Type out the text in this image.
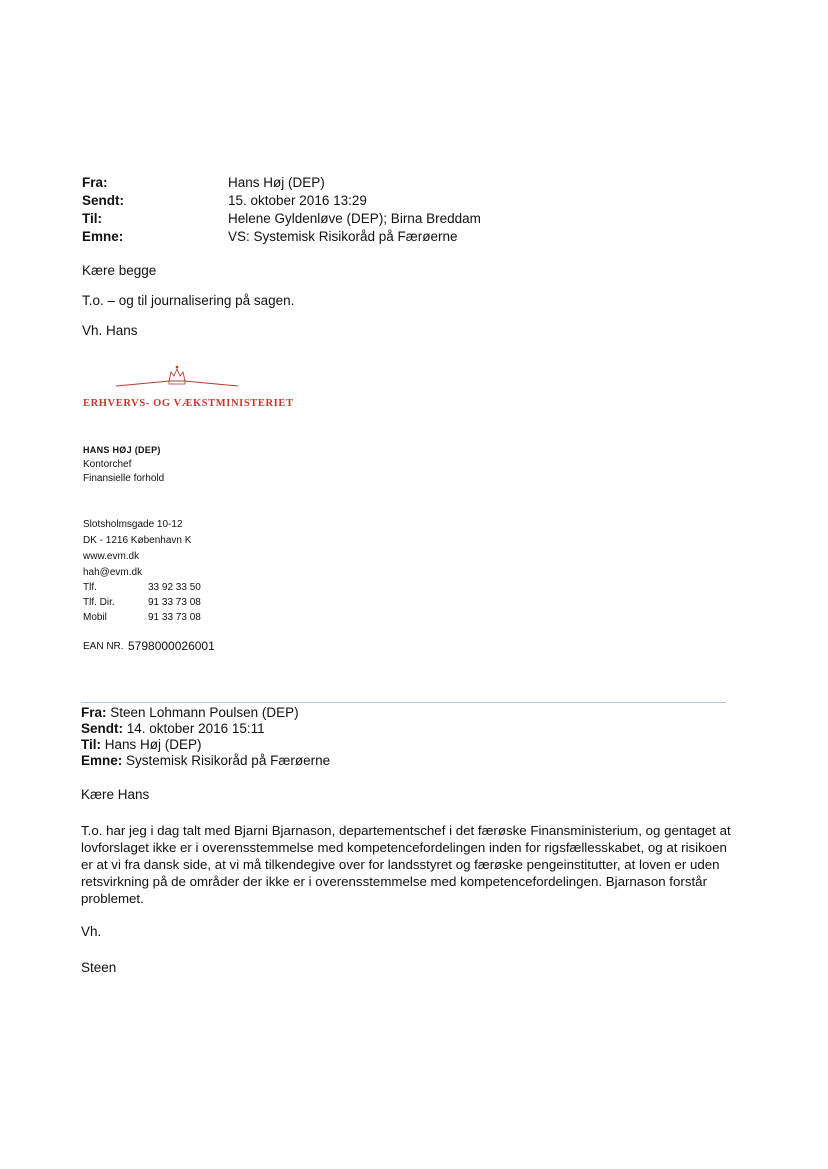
Fra:	Hans Høj (DEP)
Sendt:	15. oktober 2016 13:29
Til:	Helene Gyldenløve (DEP); Birna Breddam
Emne:	VS: Systemisk Risikoråd på Færøerne
Kære begge
T.o. – og til journalisering på sagen.
Vh. Hans
ERHVERVS- OG VÆKSTMINISTERIET
HANS HØJ (DEP)
Kontorchef
Finansielle forhold
Slotsholmsgade 10-12
DK - 1216 København K
www.evm.dk
hah@evm.dk
Tlf.	33 92 33 50
Tlf. Dir.	91 33 73 08
Mobil	91 33 73 08
EAN NR. 5798000026001
Fra: Steen Lohmann Poulsen (DEP)
Sendt: 14. oktober 2016 15:11
Til: Hans Høj (DEP)
Emne: Systemisk Risikoråd på Færøerne
Kære Hans
T.o. har jeg i dag talt med Bjarni Bjarnason, departementschef i det færøske Finansministerium, og gentaget at
lovforslaget ikke er i overensstemmelse med kompetencefordelingen inden for rigsfællesskabet, og at risikoen
er at vi fra dansk side, at vi må tilkendegive over for landsstyret og færøske pengeinstitutter, at loven er uden
retsvirkning på de områder der ikke er i overensstemmelse med kompetencefordelingen. Bjarnason forstår
problemet.
Vh.
Steen
